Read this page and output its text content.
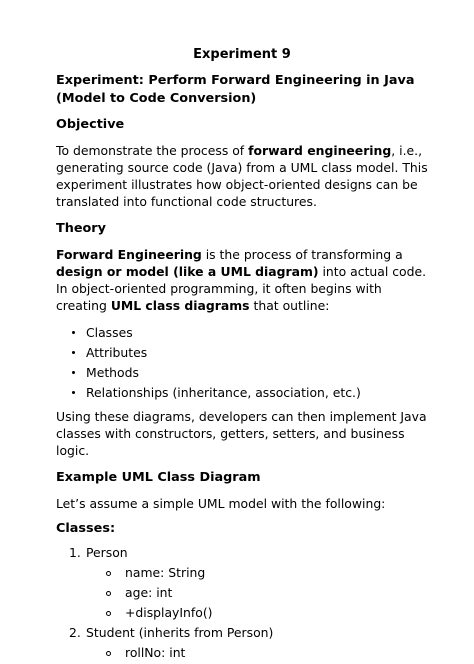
Experiment 9
Experiment: Perform Forward Engineering in Java
(Model to Code Conversion)
Objective

To demonstrate the process of forward engineering, i.e., generating source code (Java) from a UML class model. This experiment illustrates how object-oriented designs can be translated into functional code structures.

Theory

Forward Engineering is the process of transforming a design or model (like a UML diagram) into actual code. In object-oriented programming, it often begins with creating UML class diagrams that outline:

Classes
Attributes
Methods
Relationships (inheritance, association, etc.)

Using these diagrams, developers can then implement Java classes with constructors, getters, setters, and business logic.

Example UML Class Diagram

Let’s assume a simple UML model with the following:

Classes:
1. Person
name: String
age: int
+displayInfo()
2. Student (inherits from Person)
rollNo: int
